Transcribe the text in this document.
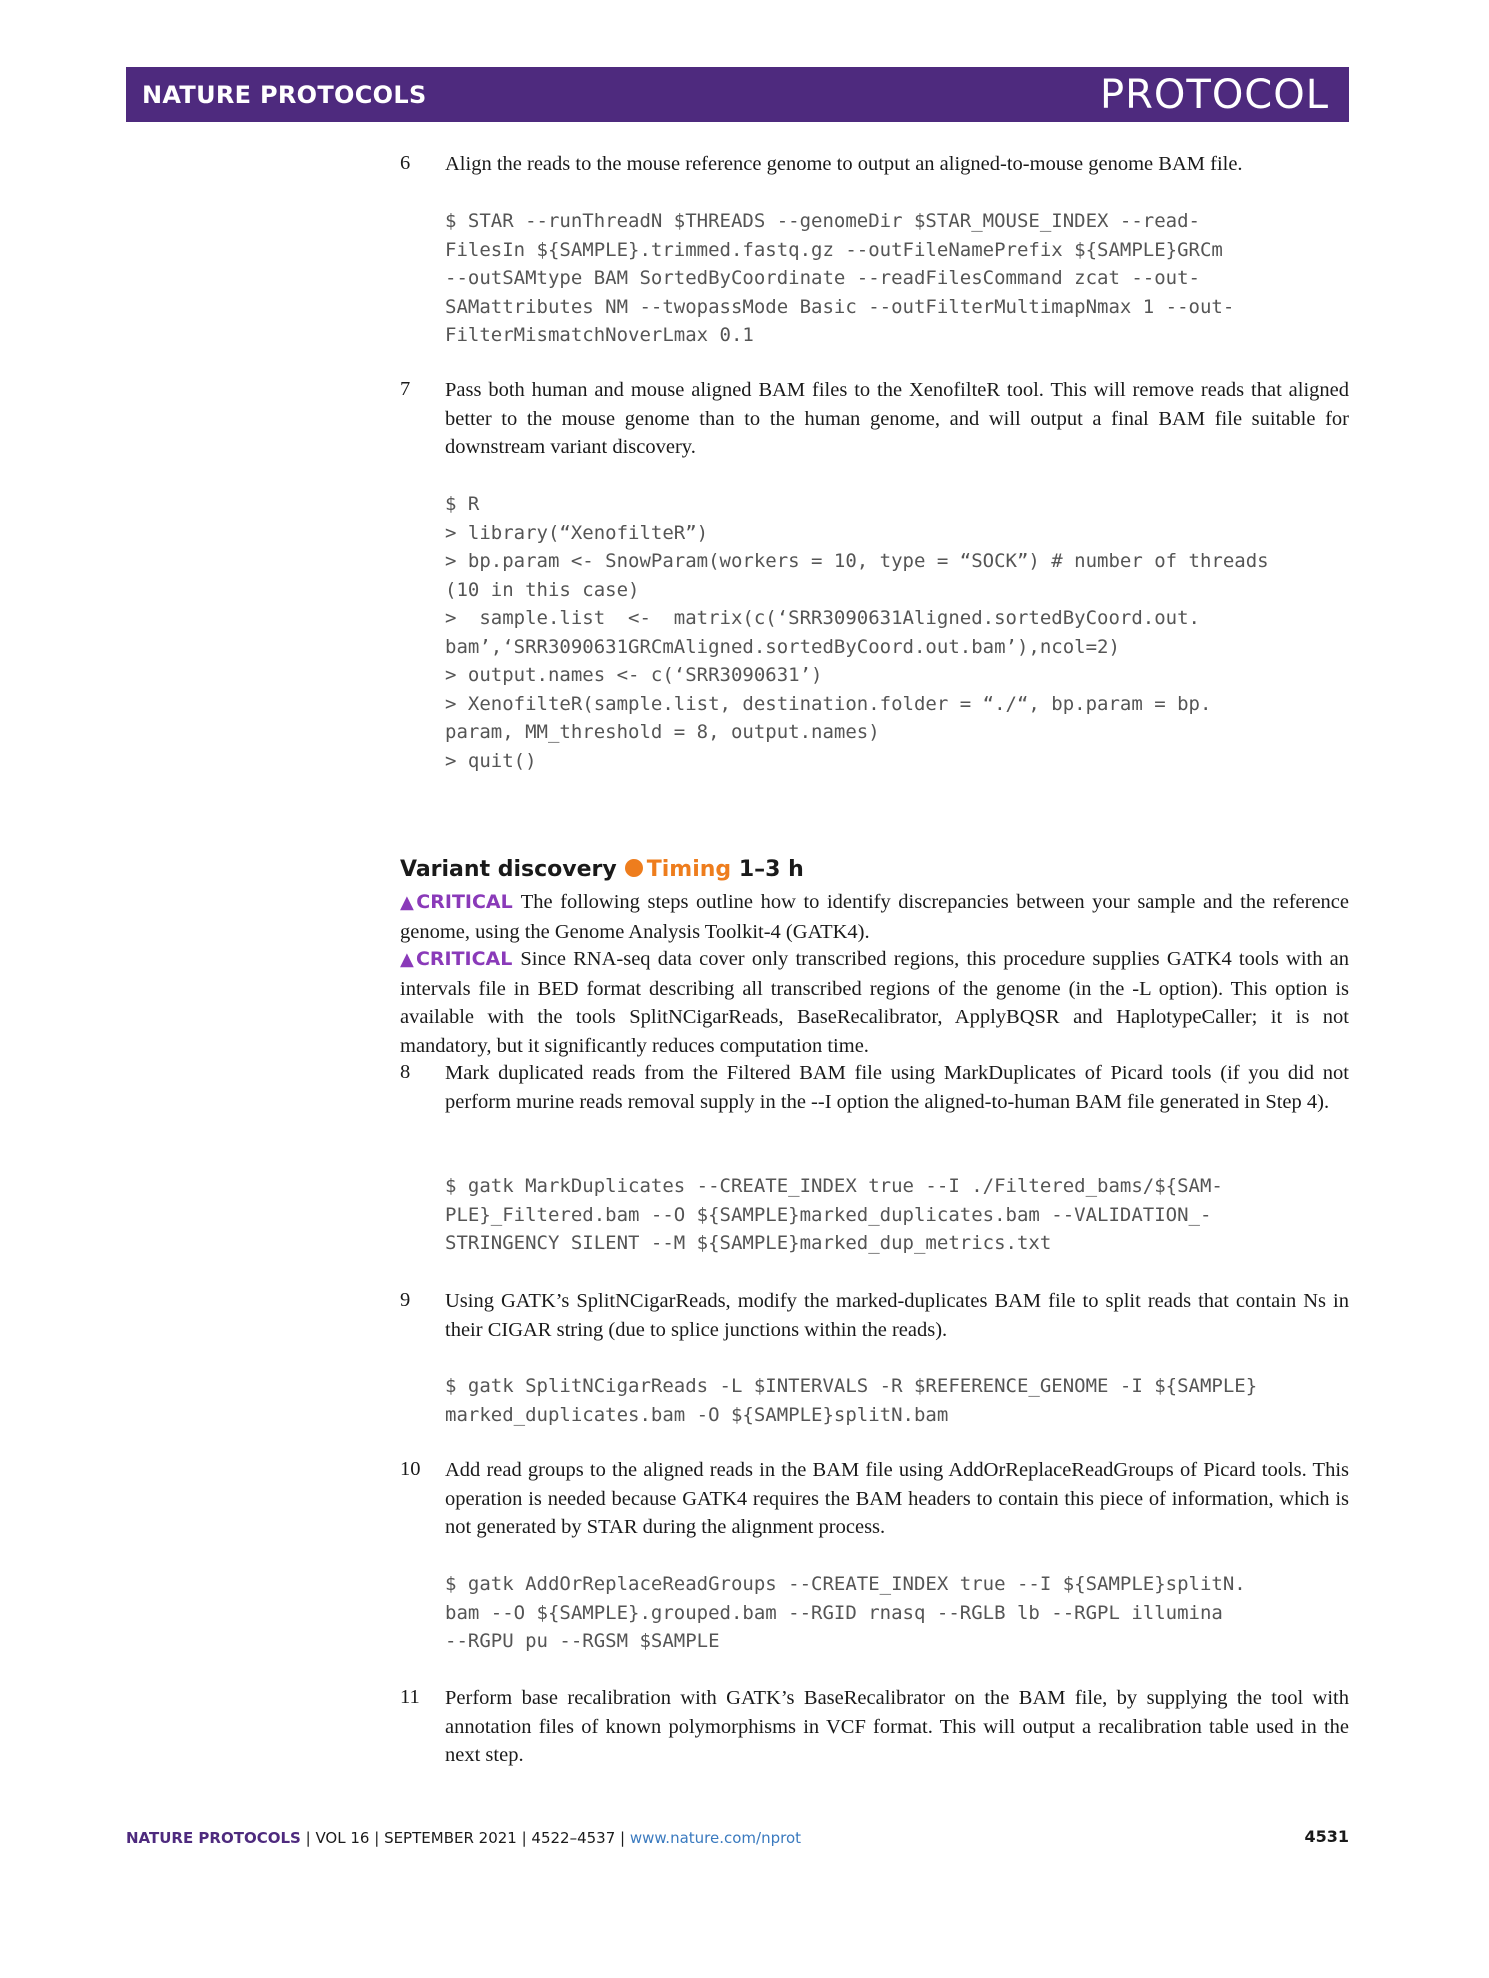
NATURE PROTOCOLS	PROTOCOL
6 Align the reads to the mouse reference genome to output an aligned-to-mouse genome BAM file.
$ STAR --runThreadN $THREADS --genomeDir $STAR_MOUSE_INDEX --read-
FilesIn ${SAMPLE}.trimmed.fastq.gz --outFileNamePrefix ${SAMPLE}GRCm
--outSAMtype BAM SortedByCoordinate --readFilesCommand zcat --out-
SAMattributes NM --twopassMode Basic --outFilterMultimapNmax 1 --out-
FilterMismatchNoverLmax 0.1
7 Pass both human and mouse aligned BAM files to the XenofilteR tool. This will remove reads that aligned better to the mouse genome than to the human genome, and will output a final BAM file suitable for downstream variant discovery.
$ R
> library(“XenofilteR”)
> bp.param <- SnowParam(workers = 10, type = “SOCK”) # number of threads
(10 in this case)
>  sample.list  <-  matrix(c(‘SRR3090631Aligned.sortedByCoord.out.
bam’,‘SRR3090631GRCmAligned.sortedByCoord.out.bam’),ncol=2)
> output.names <- c(‘SRR3090631’)
> XenofilteR(sample.list, destination.folder = “./“, bp.param = bp.
param, MM_threshold = 8, output.names)
> quit()
Variant discovery Timing 1–3 h
▲CRITICAL The following steps outline how to identify discrepancies between your sample and the reference genome, using the Genome Analysis Toolkit-4 (GATK4).
▲CRITICAL Since RNA-seq data cover only transcribed regions, this procedure supplies GATK4 tools with an intervals file in BED format describing all transcribed regions of the genome (in the -L option). This option is available with the tools SplitNCigarReads, BaseRecalibrator, ApplyBQSR and HaplotypeCaller; it is not mandatory, but it significantly reduces computation time.
8 Mark duplicated reads from the Filtered BAM file using MarkDuplicates of Picard tools (if you did not perform murine reads removal supply in the --I option the aligned-to-human BAM file generated in Step 4).
$ gatk MarkDuplicates --CREATE_INDEX true --I ./Filtered_bams/${SAM-
PLE}_Filtered.bam --O ${SAMPLE}marked_duplicates.bam --VALIDATION_-
STRINGENCY SILENT --M ${SAMPLE}marked_dup_metrics.txt
9 Using GATK’s SplitNCigarReads, modify the marked-duplicates BAM file to split reads that contain Ns in their CIGAR string (due to splice junctions within the reads).
$ gatk SplitNCigarReads -L $INTERVALS -R $REFERENCE_GENOME -I ${SAMPLE}
marked_duplicates.bam -O ${SAMPLE}splitN.bam
10 Add read groups to the aligned reads in the BAM file using AddOrReplaceReadGroups of Picard tools. This operation is needed because GATK4 requires the BAM headers to contain this piece of information, which is not generated by STAR during the alignment process.
$ gatk AddOrReplaceReadGroups --CREATE_INDEX true --I ${SAMPLE}splitN.
bam --O ${SAMPLE}.grouped.bam --RGID rnasq --RGLB lb --RGPL illumina
--RGPU pu --RGSM $SAMPLE
11 Perform base recalibration with GATK’s BaseRecalibrator on the BAM file, by supplying the tool with annotation files of known polymorphisms in VCF format. This will output a recalibration table used in the next step.
NATURE PROTOCOLS | VOL 16 | SEPTEMBER 2021 | 4522–4537 | www.nature.com/nprot	4531
